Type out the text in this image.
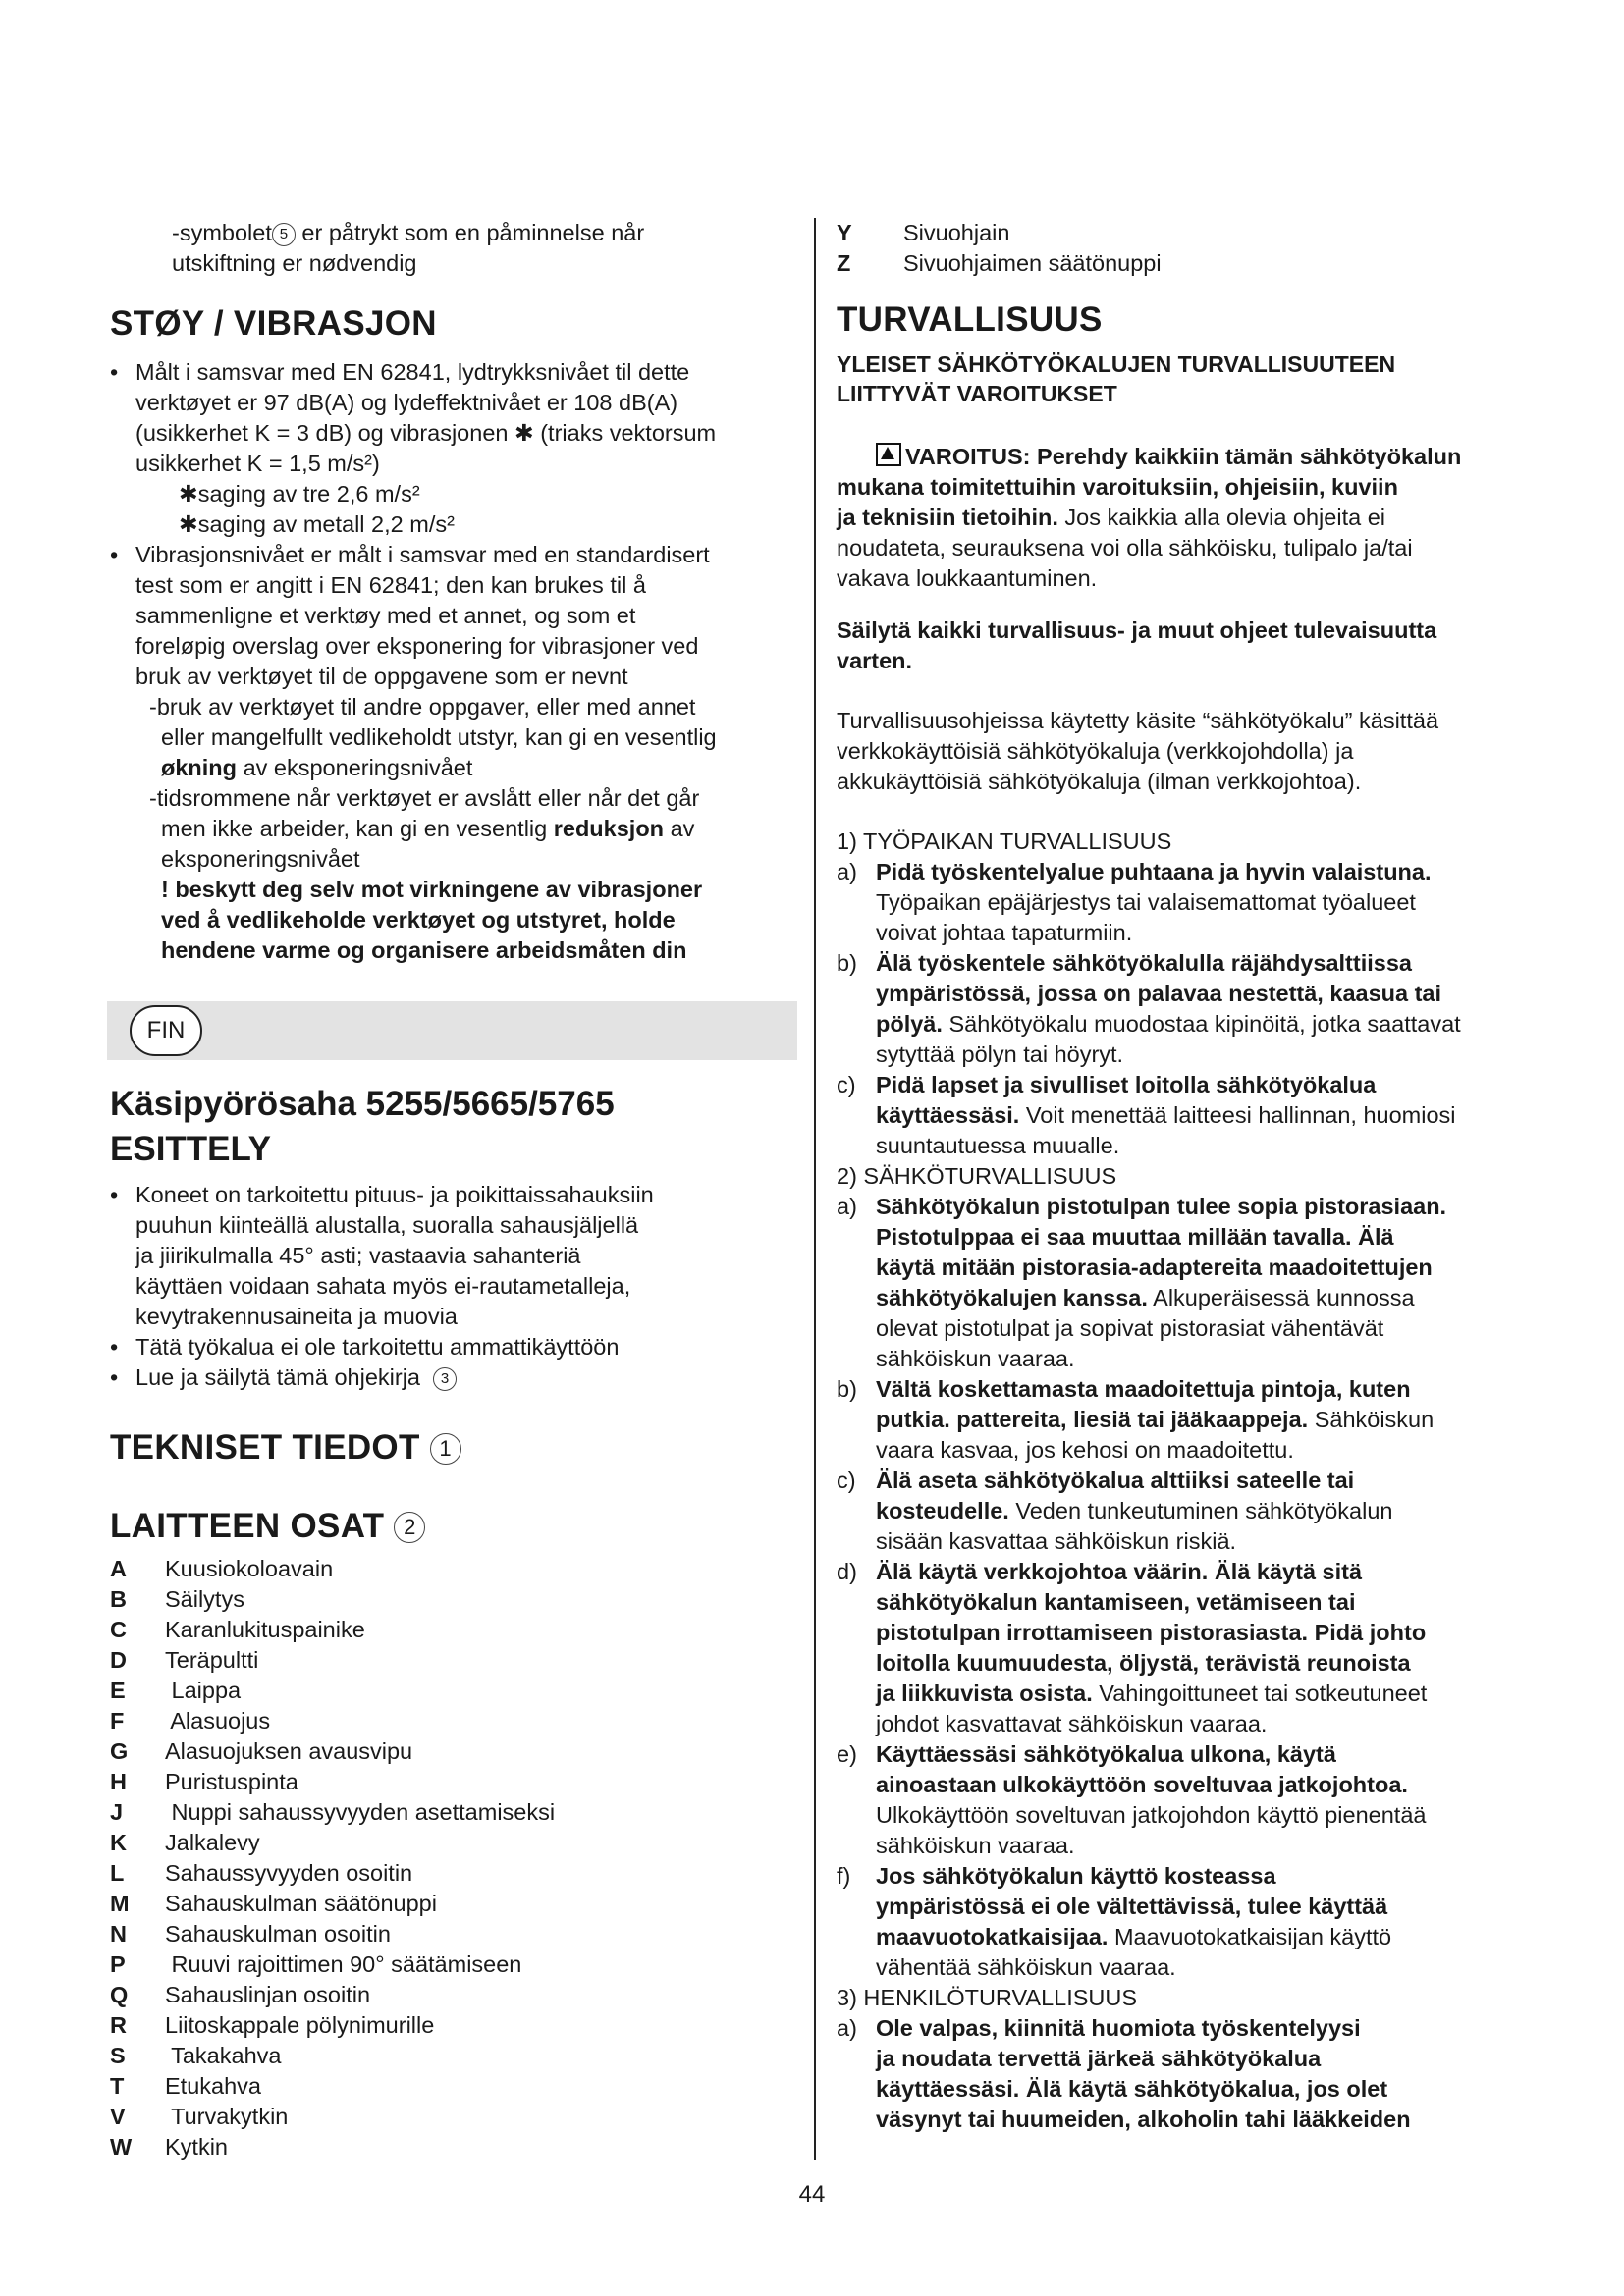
-symbolet 5 er påtrykt som en påminnelse når

utskiftning er nødvendig

STØY / VIBRASJON

• Målt i samsvar med EN 62841, lydtrykksnivået til dette

verktøyet er 97 dB(A) og lydeffektnivået er 108 dB(A)

(usikkerhet K = 3 dB) og vibrasjonen ✱ (triaks vektorsum

usikkerhet K = 1,5 m/s²)

✱saging av tre 2,6 m/s²

✱saging av metall 2,2 m/s²

• Vibrasjonsnivået er målt i samsvar med en standardisert

test som er angitt i EN 62841; den kan brukes til å

sammenligne et verktøy med et annet, og som et

foreløpig overslag over eksponering for vibrasjoner ved

bruk av verktøyet til de oppgavene som er nevnt

-bruk av verktøyet til andre oppgaver, eller med annet

eller mangelfullt vedlikeholdt utstyr, kan gi en vesentlig

økning av eksponeringsnivået

-tidsrommene når verktøyet er avslått eller når det går

men ikke arbeider, kan gi en vesentlig reduksjon av

eksponeringsnivået

! beskytt deg selv mot virkningene av vibrasjoner

ved å vedlikeholde verktøyet og utstyret, holde

hendene varme og organisere arbeidsmåten din

FIN

Käsipyörösaha 5255/5665/5765

ESITTELY

• Koneet on tarkoitettu pituus- ja poikittaissahauksiin

puuhun kiinteällä alustalla, suoralla sahausjäljellä

ja jiirikulmalla 45° asti; vastaavia sahanteriä

käyttäen voidaan sahata myös ei-rautametalleja,

kevytrakennusaineita ja muovia

• Tätä työkalua ei ole tarkoitettu ammattikäyttöön
• Lue ja säilytä tämä ohjekirja 3
TEKNISET TIEDOT 1
LAITTEEN OSAT 2
A	Kuusiokoloavain
B	Säilytys
C	Karanlukituspainike
D	Teräpultti
E	Laippa
F	Alasuojus
G	Alasuojuksen avausvipu
H	Puristuspinta
J	Nuppi sahaussyvyyden asettamiseksi
K	Jalkalevy
L	Sahaussyvyyden osoitin
M	Sahauskulman säätönuppi
N	Sahauskulman osoitin
P	Ruuvi rajoittimen 90° säätämiseen
Q	Sahauslinjan osoitin
R	Liitoskappale pölynimurille
S	Takakahva
T	Etukahva
V	Turvakytkin
W	Kytkin
Y	Sivuohjain
Z	Sivuohjaimen säätönuppi
TURVALLISUUS

YLEISET SÄHKÖTYÖKALUJEN TURVALLISUUTEEN

LIITTYVÄT VAROITUKSET

VAROITUS: Perehdy kaikkiin tämän sähkötyökalun

mukana toimitettuihin varoituksiin, ohjeisiin, kuviin

ja teknisiin tietoihin. Jos kaikkia alla olevia ohjeita ei

noudateta, seurauksena voi olla sähköisku, tulipalo ja/tai

vakava loukkaantuminen.

Säilytä kaikki turvallisuus- ja muut ohjeet tulevaisuutta

varten.

Turvallisuusohjeissa käytetty käsite “sähkötyökalu” käsittää

verkkokäyttöisiä sähkötyökaluja (verkkojohdolla) ja

akkukäyttöisiä sähkötyökaluja (ilman verkkojohtoa).

1) TYÖPAIKAN TURVALLISUUS
a) Pidä työskentelyalue puhtaana ja hyvin valaistuna.

Työpaikan epäjärjestys tai valaisemattomat työalueet

voivat johtaa tapaturmiin.

b) Älä työskentele sähkötyökalulla räjähdysalttiissa

ympäristössä, jossa on palavaa nestettä, kaasua tai

pölyä. Sähkötyökalu muodostaa kipinöitä, jotka saattavat

sytyttää pölyn tai höyryt.

c) Pidä lapset ja sivulliset loitolla sähkötyökalua

käyttäessäsi. Voit menettää laitteesi hallinnan, huomiosi

suuntautuessa muualle.

2) SÄHKÖTURVALLISUUS
a) Sähkötyökalun pistotulpan tulee sopia pistorasiaan.

Pistotulppaa ei saa muuttaa millään tavalla. Älä

käytä mitään pistorasia-adaptereita maadoitettujen

sähkötyökalujen kanssa. Alkuperäisessä kunnossa

olevat pistotulpat ja sopivat pistorasiat vähentävät

sähköiskun vaaraa.

b) Vältä koskettamasta maadoitettuja pintoja, kuten

putkia. pattereita, liesiä tai jääkaappeja. Sähköiskun

vaara kasvaa, jos kehosi on maadoitettu.

c) Älä aseta sähkötyökalua alttiiksi sateelle tai

kosteudelle. Veden tunkeutuminen sähkötyökalun

sisään kasvattaa sähköiskun riskiä.

d) Älä käytä verkkojohtoa väärin. Älä käytä sitä

sähkötyökalun kantamiseen, vetämiseen tai

pistotulpan irrottamiseen pistorasiasta. Pidä johto

loitolla kuumuudesta, öljystä, terävistä reunoista

ja liikkuvista osista. Vahingoittuneet tai sotkeutuneet

johdot kasvattavat sähköiskun vaaraa.

e) Käyttäessäsi sähkötyökalua ulkona, käytä

ainoastaan ulkokäyttöön soveltuvaa jatkojohtoa.

Ulkokäyttöön soveltuvan jatkojohdon käyttö pienentää

sähköiskun vaaraa.

f) Jos sähkötyökalun käyttö kosteassa

ympäristössä ei ole vältettävissä, tulee käyttää

maavuotokatkaisijaa. Maavuotokatkaisijan käyttö

vähentää sähköiskun vaaraa.

3) HENKILÖTURVALLISUUS
a) Ole valpas, kiinnitä huomiota työskentelyysi

ja noudata tervettä järkeä sähkötyökalua

käyttäessäsi. Älä käytä sähkötyökalua, jos olet

väsynyt tai huumeiden, alkoholin tahi lääkkeiden

44
